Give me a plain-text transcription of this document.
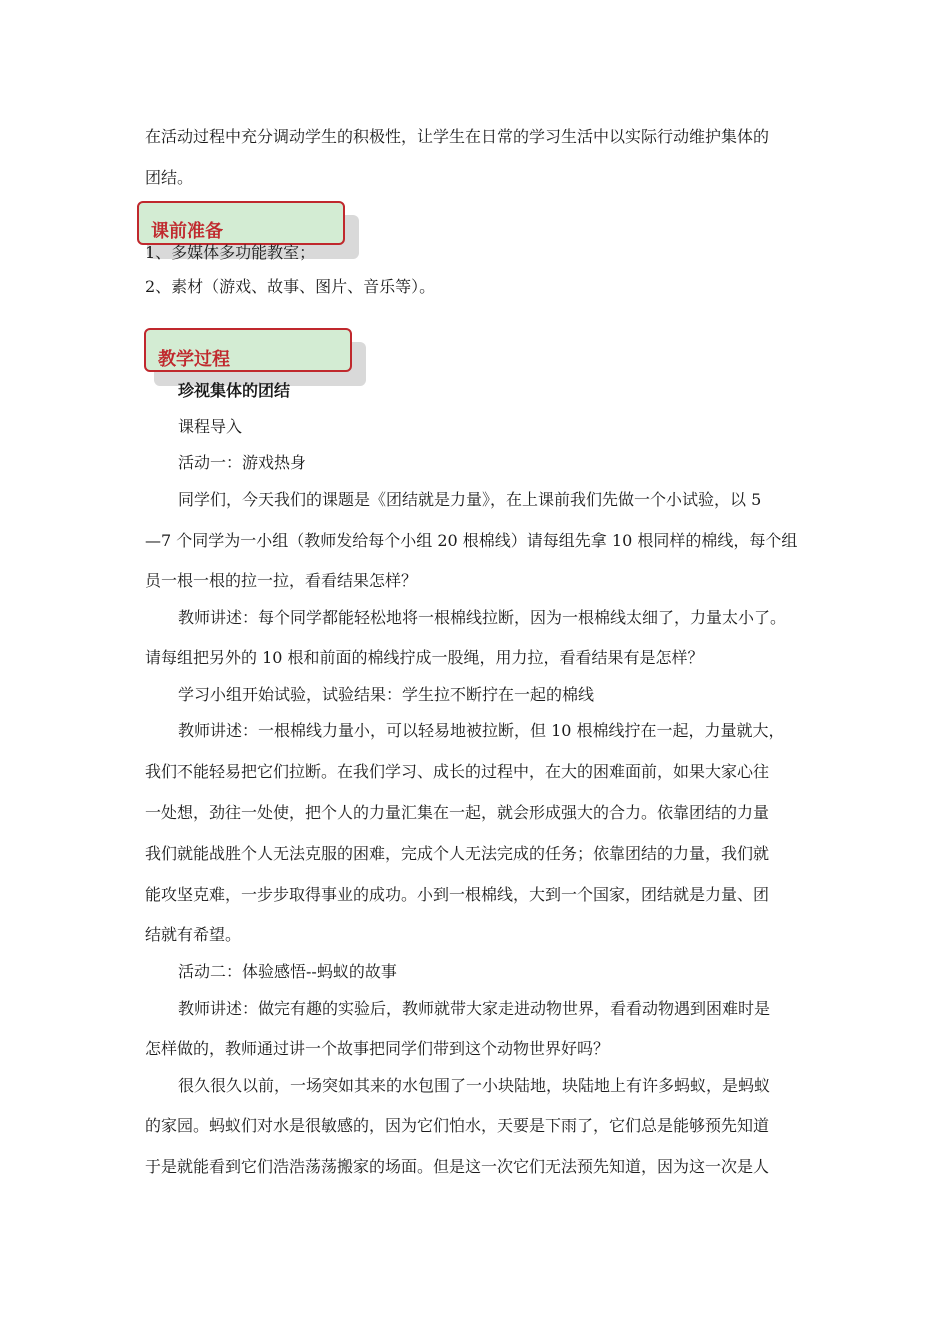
在活动过程中充分调动学生的积极性，让学生在日常的学习生活中以实际行动维护集体的
团结。
课前准备
1、多媒体多功能教室；
2、素材（游戏、故事、图片、音乐等）。
教学过程
珍视集体的团结
课程导入
活动一：游戏热身
同学们，今天我们的课题是《团结就是力量》，在上课前我们先做一个小试验，以 5
—7 个同学为一小组（教师发给每个小组 20 根棉线）请每组先拿 10 根同样的棉线，每个组
员一根一根的拉一拉，看看结果怎样？
教师讲述：每个同学都能轻松地将一根棉线拉断，因为一根棉线太细了，力量太小了。
请每组把另外的 10 根和前面的棉线拧成一股绳，用力拉，看看结果有是怎样？
学习小组开始试验，试验结果：学生拉不断拧在一起的棉线
教师讲述：一根棉线力量小，可以轻易地被拉断，但 10 根棉线拧在一起，力量就大，
我们不能轻易把它们拉断。在我们学习、成长的过程中，在大的困难面前，如果大家心往
一处想，劲往一处使，把个人的力量汇集在一起，就会形成强大的合力。依靠团结的力量
我们就能战胜个人无法克服的困难，完成个人无法完成的任务；依靠团结的力量，我们就
能攻坚克难，一步步取得事业的成功。小到一根棉线，大到一个国家，团结就是力量、团
结就有希望。
活动二：体验感悟--蚂蚁的故事
教师讲述：做完有趣的实验后，教师就带大家走进动物世界，看看动物遇到困难时是
怎样做的，教师通过讲一个故事把同学们带到这个动物世界好吗？
很久很久以前，一场突如其来的水包围了一小块陆地，块陆地上有许多蚂蚁，是蚂蚁
的家园。蚂蚁们对水是很敏感的，因为它们怕水，天要是下雨了，它们总是能够预先知道
于是就能看到它们浩浩荡荡搬家的场面。但是这一次它们无法预先知道，因为这一次是人
